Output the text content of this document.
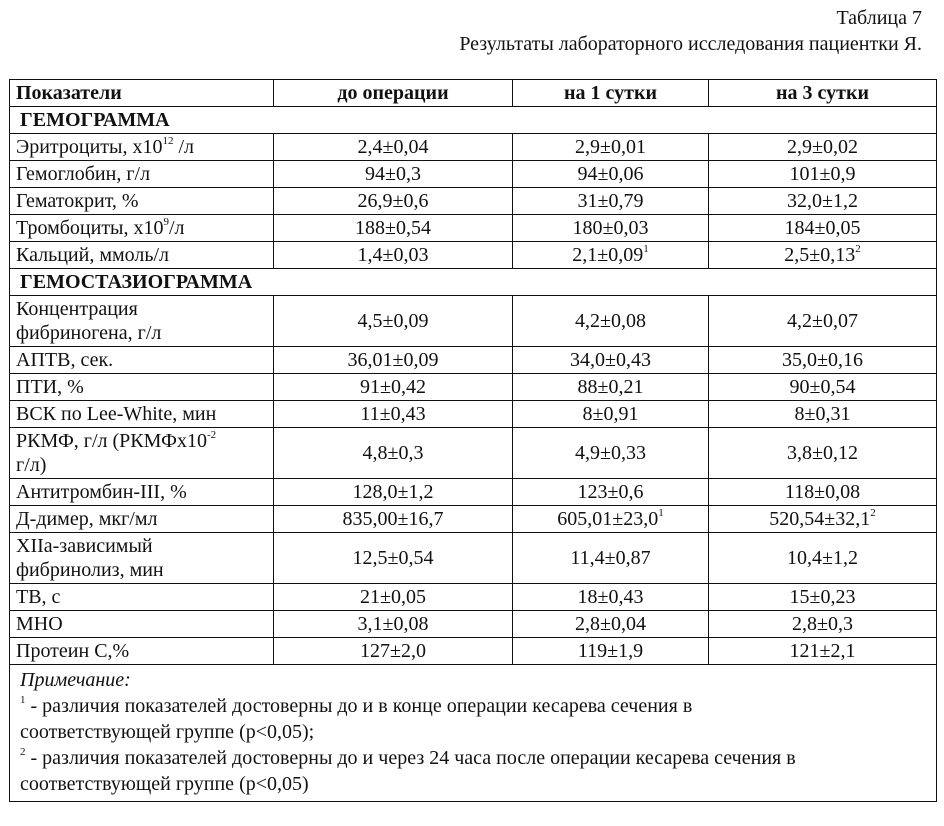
Таблица 7
Результаты лабораторного исследования пациентки Я.
Показатели	до операции	на 1 сутки	на 3 сутки
ГЕМОГРАММА			
Эритроциты, $x10^{12}$ /л	2,4±0,04	2,9±0,01	2,9±0,02
Гемоглобин, г/л	94±0,3	94±0,06	101±0,9
Гематокрит, %	26,9±0,6	31±0,79	32,0±1,2
Тромбоциты, $x10^9/л$	188±0,54	180±0,03	184±0,05
Кальций, ммоль/л	1,4±0,03	$2,1\pm 0,09^1$	$2,5\pm 0,13^2$
ГЕМОСТАЗИОГРАММА			
Концентрация
фибриногена, г/л	4,5±0,09	4,2±0,08	4,2±0,07
АПТВ, сек.	36,01±0,09	34,0±0,43	35,0±0,16
ПТИ, %	91±0,42	88±0,21	90±0,54
ВСК по Lee-White, мин	11±0,43	8±0,91	8±0,31
РКМФ, г/л ($РКМФx10^{-2}$
г/л)	4,8±0,3	4,9±0,33	3,8±0,12
Антитромбин-III, %	128,0±1,2	123±0,6	118±0,08
Д-димер, мкг/мл	835,00±16,7	$605,01\pm 23,0^1$	$520,54\pm 32,1^2$
XIIa-зависимый
фибринолиз, мин	12,5±0,54	11,4±0,87	10,4±1,2
ТВ, с	21±0,05	18±0,43	15±0,23
МНО	3,1±0,08	2,8±0,04	2,8±0,3
Протеин С,%	127±2,0	119±1,9	121±2,1

Примечание:
$^1$ - различия показателей достоверны до и в конце операции кесарева сечения в
соответствующей группе (p<0,05);
$^2$ - различия показателей достоверны до и через 24 часа после операции кесарева сечения в
соответствующей группе (p<0,05)			
